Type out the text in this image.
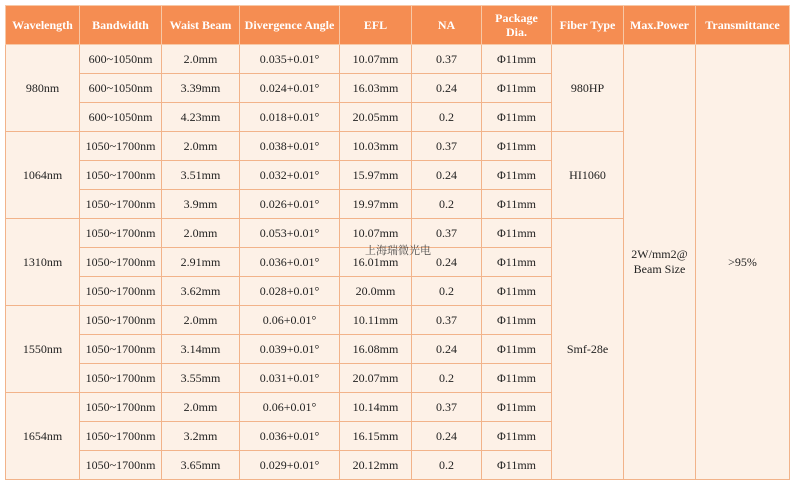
Wavelength	Bandwidth	Waist Beam	Divergence Angle	EFL	NA	Package Dia.	Fiber Type	Max.Power	Transmittance
980nm	600~1050nm	2.0mm	0.035+0.01°	10.07mm	0.37	Φ11mm	980HP	2W/mm2@ Beam Size	>95%
	600~1050nm	3.39mm	0.024+0.01°	16.03mm	0.24	Φ11mm			
	600~1050nm	4.23mm	0.018+0.01°	20.05mm	0.2	Φ11mm			
1064nm	1050~1700nm	2.0mm	0.038+0.01°	10.03mm	0.37	Φ11mm	HI1060		
	1050~1700nm	3.51mm	0.032+0.01°	15.97mm	0.24	Φ11mm			
	1050~1700nm	3.9mm	0.026+0.01°	19.97mm	0.2	Φ11mm			
1310nm	1050~1700nm	2.0mm	0.053+0.01°	10.07mm	0.37	Φ11mm	Smf-28e		
	1050~1700nm	2.91mm	0.036+0.01°	16.01mm	0.24	Φ11mm			
	1050~1700nm	3.62mm	0.028+0.01°	20.0mm	0.2	Φ11mm			
1550nm	1050~1700nm	2.0mm	0.06+0.01°	10.11mm	0.37	Φ11mm			
	1050~1700nm	3.14mm	0.039+0.01°	16.08mm	0.24	Φ11mm			
	1050~1700nm	3.55mm	0.031+0.01°	20.07mm	0.2	Φ11mm			
1654nm	1050~1700nm	2.0mm	0.06+0.01°	10.14mm	0.37	Φ11mm			
	1050~1700nm	3.2mm	0.036+0.01°	16.15mm	0.24	Φ11mm			
	1050~1700nm	3.65mm	0.029+0.01°	20.12mm	0.2	Φ11mm			
上海瑞微光电
